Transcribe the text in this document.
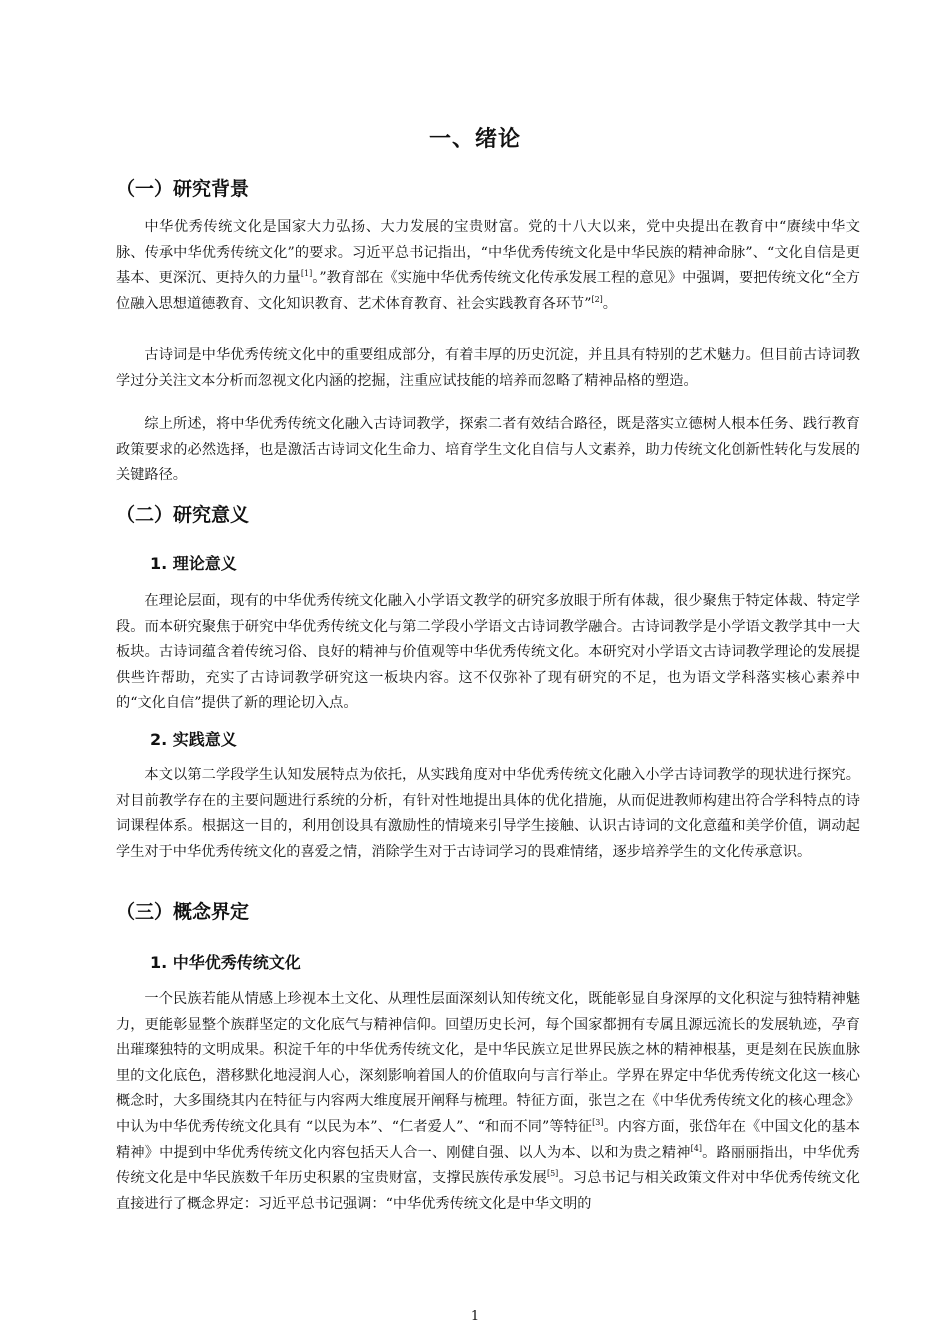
一、绪论
（一）研究背景

中华优秀传统文化是国家大力弘扬、大力发展的宝贵财富。党的十八大以来，党中央提出在教育中“赓续中华文脉、传承中华优秀传统文化”的要求。习近平总书记指出，“中华优秀传统文化是中华民族的精神命脉”、“文化自信是更基本、更深沉、更持久的力量[1]。”教育部在《实施中华优秀传统文化传承发展工程的意见》中强调，要把传统文化“全方位融入思想道德教育、文化知识教育、艺术体育教育、社会实践教育各环节”[2]。

古诗词是中华优秀传统文化中的重要组成部分，有着丰厚的历史沉淀，并且具有特别的艺术魅力。但目前古诗词教学过分关注文本分析而忽视文化内涵的挖掘，注重应试技能的培养而忽略了精神品格的塑造。

综上所述，将中华优秀传统文化融入古诗词教学，探索二者有效结合路径，既是落实立德树人根本任务、践行教育政策要求的必然选择，也是激活古诗词文化生命力、培育学生文化自信与人文素养，助力传统文化创新性转化与发展的关键路径。

（二）研究意义
1. 理论意义

在理论层面，现有的中华优秀传统文化融入小学语文教学的研究多放眼于所有体裁，很少聚焦于特定体裁、特定学段。而本研究聚焦于研究中华优秀传统文化与第二学段小学语文古诗词教学融合。古诗词教学是小学语文教学其中一大板块。古诗词蕴含着传统习俗、良好的精神与价值观等中华优秀传统文化。本研究对小学语文古诗词教学理论的发展提供些许帮助，充实了古诗词教学研究这一板块内容。这不仅弥补了现有研究的不足，也为语文学科落实核心素养中的“文化自信”提供了新的理论切入点。

2. 实践意义

本文以第二学段学生认知发展特点为依托，从实践角度对中华优秀传统文化融入小学古诗词教学的现状进行探究。对目前教学存在的主要问题进行系统的分析，有针对性地提出具体的优化措施，从而促进教师构建出符合学科特点的诗词课程体系。根据这一目的，利用创设具有激励性的情境来引导学生接触、认识古诗词的文化意蕴和美学价值，调动起学生对于中华优秀传统文化的喜爱之情，消除学生对于古诗词学习的畏难情绪，逐步培养学生的文化传承意识。

（三）概念界定
1. 中华优秀传统文化

一个民族若能从情感上珍视本土文化、从理性层面深刻认知传统文化，既能彰显自身深厚的文化积淀与独特精神魅力，更能彰显整个族群坚定的文化底气与精神信仰。回望历史长河，每个国家都拥有专属且源远流长的发展轨迹，孕育出璀璨独特的文明成果。积淀千年的中华优秀传统文化，是中华民族立足世界民族之林的精神根基，更是刻在民族血脉里的文化底色，潜移默化地浸润人心，深刻影响着国人的价值取向与言行举止。学界在界定中华优秀传统文化这一核心概念时，大多围绕其内在特征与内容两大维度展开阐释与梳理。特征方面，张岂之在《中华优秀传统文化的核心理念》中认为中华优秀传统文化具有 “以民为本”、“仁者爱人”、“和而不同”等特征[3]。内容方面，张岱年在《中国文化的基本精神》中提到中华优秀传统文化内容包括天人合一、刚健自强、以人为本、以和为贵之精神[4]。路丽丽指出，中华优秀传统文化是中华民族数千年历史积累的宝贵财富，支撑民族传承发展[5]。习总书记与相关政策文件对中华优秀传统文化直接进行了概念界定：习近平总书记强调：“中华优秀传统文化是中华文明的

1
